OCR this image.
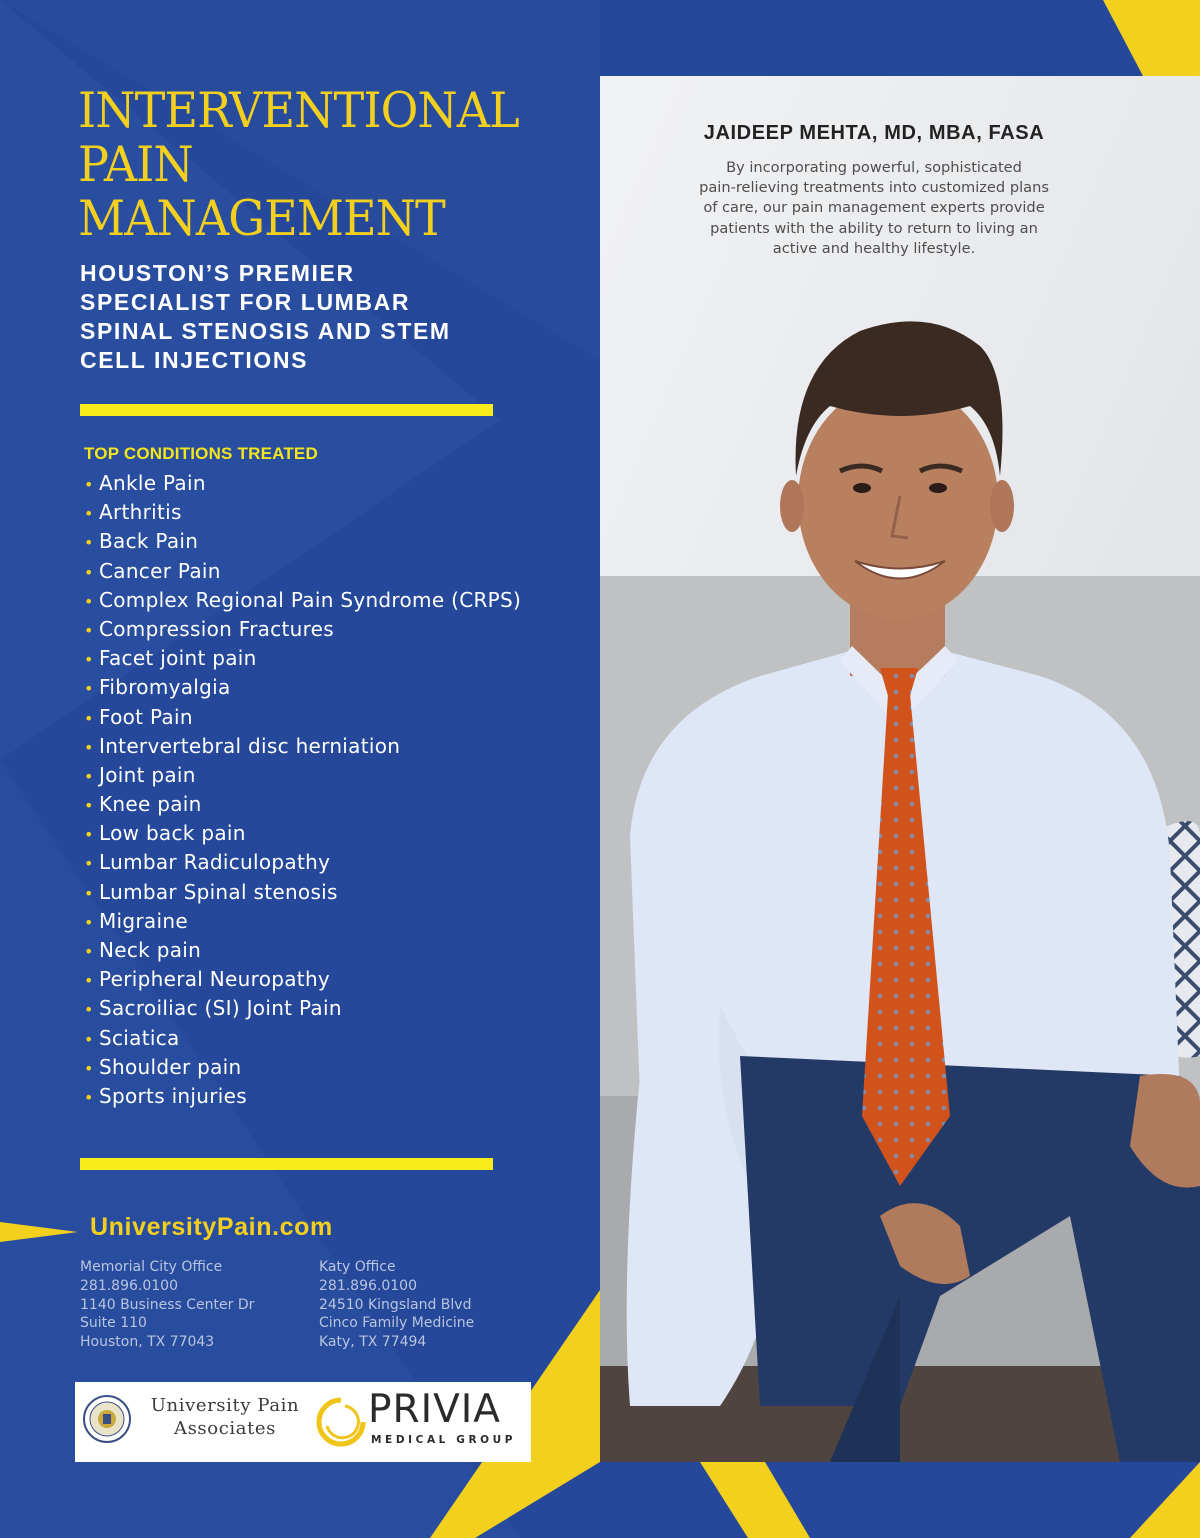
INTERVENTIONAL
PAIN
MANAGEMENT
HOUSTON’S PREMIER
SPECIALIST FOR LUMBAR
SPINAL STENOSIS AND STEM
CELL INJECTIONS
TOP CONDITIONS TREATED
• Ankle Pain
• Arthritis
• Back Pain
• Cancer Pain
• Complex Regional Pain Syndrome (CRPS)
• Compression Fractures
• Facet joint pain
• Fibromyalgia
• Foot Pain
• Intervertebral disc herniation
• Joint pain
• Knee pain
• Low back pain
• Lumbar Radiculopathy
• Lumbar Spinal stenosis
• Migraine
• Neck pain
• Peripheral Neuropathy
• Sacroiliac (SI) Joint Pain
• Sciatica
• Shoulder pain
• Sports injuries
UniversityPain.com
Memorial City Office
281.896.0100
1140 Business Center Dr
Suite 110
Houston, TX 77043
Katy Office
281.896.0100
24510 Kingsland Blvd
Cinco Family Medicine
Katy, TX 77494
University Pain
Associates	PRIVIA
MEDICAL GROUP
JAIDEEP MEHTA, MD, MBA, FASA
By incorporating powerful, sophisticated
pain-relieving treatments into customized plans
of care, our pain management experts provide
patients with the ability to return to living an
active and healthy lifestyle.
